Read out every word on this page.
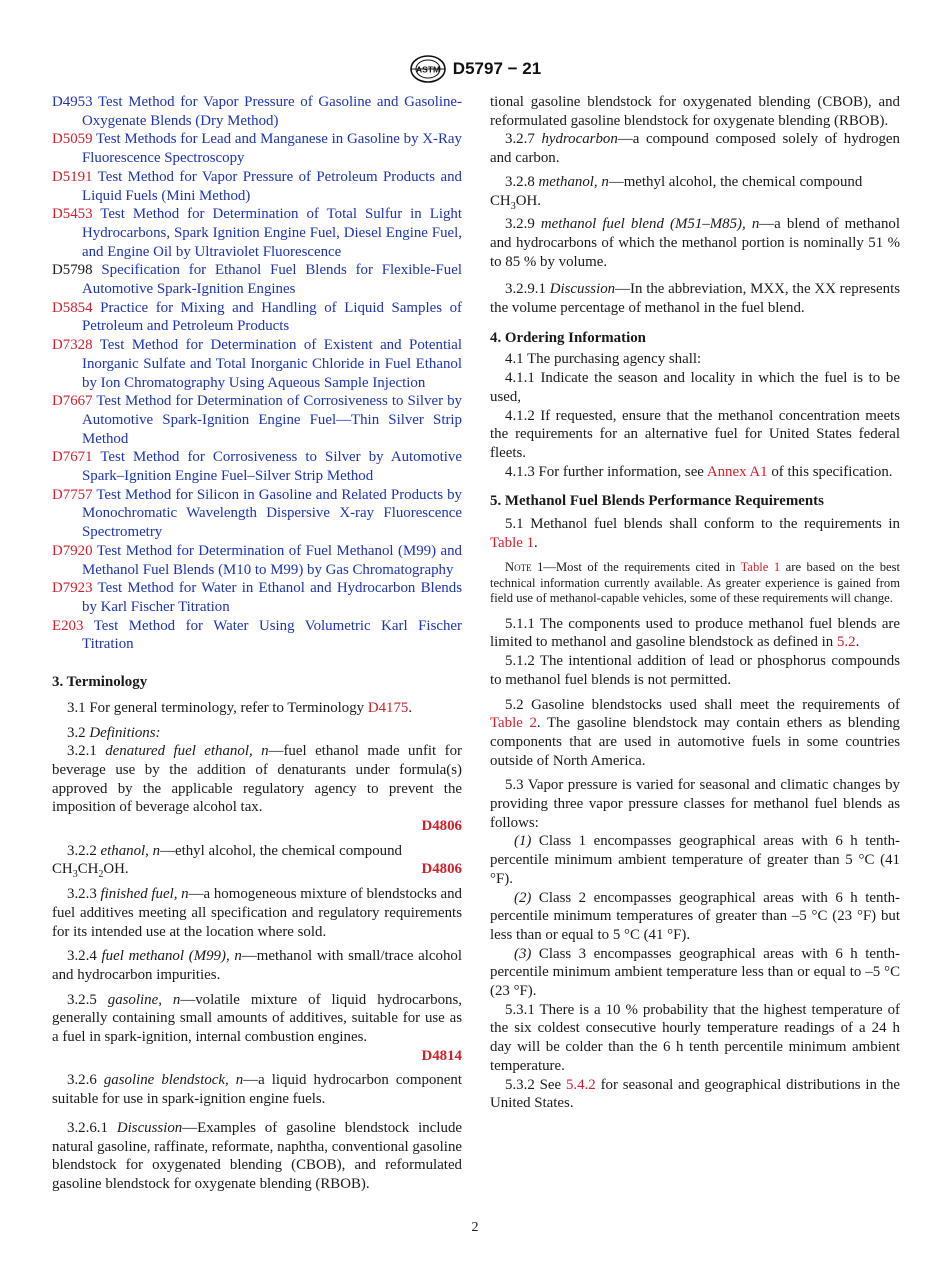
ASTM D5797 − 21
D4953 Test Method for Vapor Pressure of Gasoline and Gasoline-Oxygenate Blends (Dry Method)
D5059 Test Methods for Lead and Manganese in Gasoline by X-Ray Fluorescence Spectroscopy
D5191 Test Method for Vapor Pressure of Petroleum Products and Liquid Fuels (Mini Method)
D5453 Test Method for Determination of Total Sulfur in Light Hydrocarbons, Spark Ignition Engine Fuel, Diesel Engine Fuel, and Engine Oil by Ultraviolet Fluorescence
D5798 Specification for Ethanol Fuel Blends for Flexible-Fuel Automotive Spark-Ignition Engines
D5854 Practice for Mixing and Handling of Liquid Samples of Petroleum and Petroleum Products
D7328 Test Method for Determination of Existent and Potential Inorganic Sulfate and Total Inorganic Chloride in Fuel Ethanol by Ion Chromatography Using Aqueous Sample Injection
D7667 Test Method for Determination of Corrosiveness to Silver by Automotive Spark-Ignition Engine Fuel—Thin Silver Strip Method
D7671 Test Method for Corrosiveness to Silver by Automotive Spark–Ignition Engine Fuel–Silver Strip Method
D7757 Test Method for Silicon in Gasoline and Related Products by Monochromatic Wavelength Dispersive X-ray Fluorescence Spectrometry
D7920 Test Method for Determination of Fuel Methanol (M99) and Methanol Fuel Blends (M10 to M99) by Gas Chromatography
D7923 Test Method for Water in Ethanol and Hydrocarbon Blends by Karl Fischer Titration
E203 Test Method for Water Using Volumetric Karl Fischer Titration

3. Terminology

3.1 For general terminology, refer to Terminology D4175.

3.2 Definitions:

3.2.1 denatured fuel ethanol, n—fuel ethanol made unfit for beverage use by the addition of denaturants under formula(s) approved by the applicable regulatory agency to prevent the imposition of beverage alcohol tax.

D4806

3.2.2 ethanol, n—ethyl alcohol, the chemical compound

$CH_3CH_2OH$.	D4806

3.2.3 finished fuel, n—a homogeneous mixture of blendstocks and fuel additives meeting all specification and regulatory requirements for its intended use at the location where sold.

3.2.4 fuel methanol (M99), n—methanol with small/trace alcohol and hydrocarbon impurities.

3.2.5 gasoline, n—volatile mixture of liquid hydrocarbons, generally containing small amounts of additives, suitable for use as a fuel in spark-ignition, internal combustion engines.

D4814

3.2.6 gasoline blendstock, n—a liquid hydrocarbon component suitable for use in spark-ignition engine fuels.

3.2.6.1 Discussion—Examples of gasoline blendstock include natural gasoline, raffinate, reformate, naphtha, conventional gasoline blendstock for oxygenated blending (CBOB), and reformulated gasoline blendstock for oxygenate blending (RBOB).

tional gasoline blendstock for oxygenated blending (CBOB), and reformulated gasoline blendstock for oxygenate blending (RBOB).

3.2.7 hydrocarbon—a compound composed solely of hydrogen and carbon.

3.2.8 methanol, n—methyl alcohol, the chemical compound

$CH_3OH$.

3.2.9 methanol fuel blend (M51–M85), n—a blend of methanol and hydrocarbons of which the methanol portion is nominally 51 % to 85 % by volume.

3.2.9.1 Discussion—In the abbreviation, MXX, the XX represents the volume percentage of methanol in the fuel blend.

4. Ordering Information

4.1 The purchasing agency shall:

4.1.1 Indicate the season and locality in which the fuel is to be used,

4.1.2 If requested, ensure that the methanol concentration meets the requirements for an alternative fuel for United States federal fleets.

4.1.3 For further information, see Annex A1 of this specification.

5. Methanol Fuel Blends Performance Requirements

5.1 Methanol fuel blends shall conform to the requirements in Table 1.

Note 1—Most of the requirements cited in Table 1 are based on the best technical information currently available. As greater experience is gained from field use of methanol-capable vehicles, some of these requirements will change.

5.1.1 The components used to produce methanol fuel blends are limited to methanol and gasoline blendstock as defined in 5.2.

5.1.2 The intentional addition of lead or phosphorus compounds to methanol fuel blends is not permitted.

5.2 Gasoline blendstocks used shall meet the requirements of Table 2. The gasoline blendstock may contain ethers as blending components that are used in automotive fuels in some countries outside of North America.

5.3 Vapor pressure is varied for seasonal and climatic changes by providing three vapor pressure classes for methanol fuel blends as follows:

(1) Class 1 encompasses geographical areas with 6 h tenth-percentile minimum ambient temperature of greater than 5 °C (41 °F).

(2) Class 2 encompasses geographical areas with 6 h tenth-percentile minimum temperatures of greater than –5 °C (23 °F) but less than or equal to 5 °C (41 °F).

(3) Class 3 encompasses geographical areas with 6 h tenth-percentile minimum ambient temperature less than or equal to –5 °C (23 °F).

5.3.1 There is a 10 % probability that the highest temperature of the six coldest consecutive hourly temperature readings of a 24 h day will be colder than the 6 h tenth percentile minimum ambient temperature.

5.3.2 See 5.4.2 for seasonal and geographical distributions in the United States.

2
